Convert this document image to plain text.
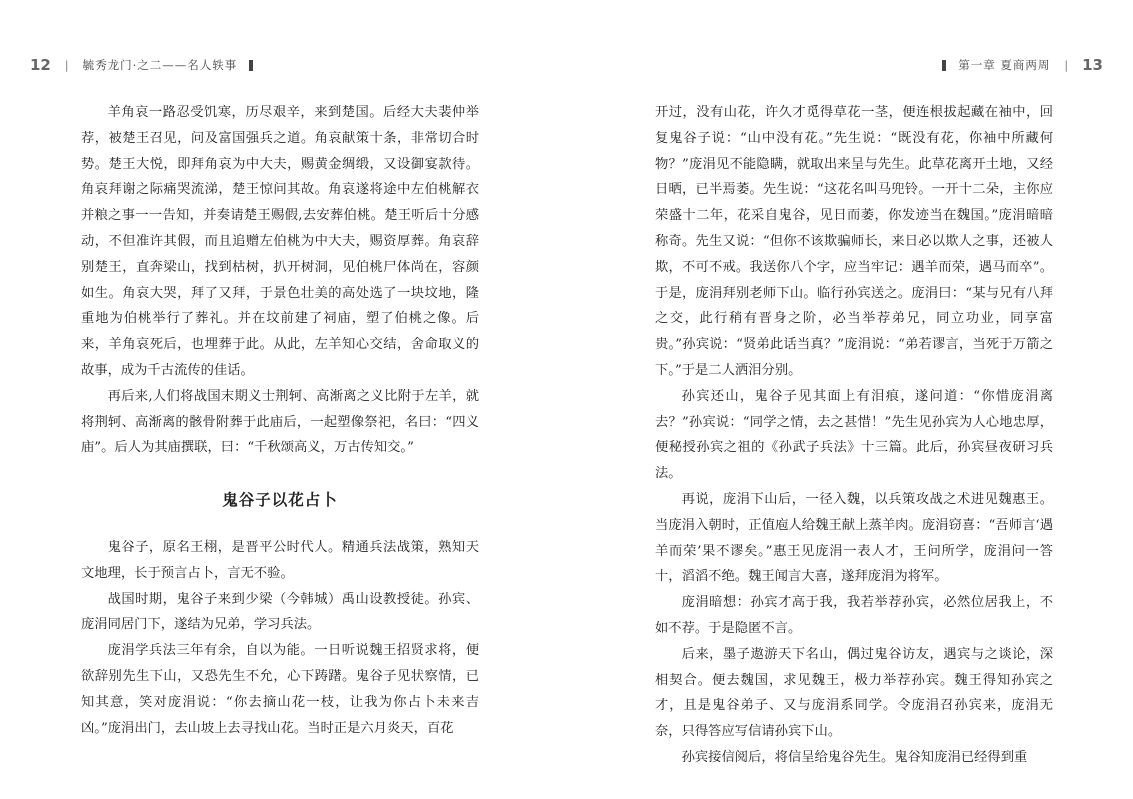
12 | 毓秀龙门·之二——名人轶事	第一章 夏商两周 | 13

羊角哀一路忍受饥寒，历尽艰辛，来到楚国。后经大夫裴仲举荐，被楚王召见，问及富国强兵之道。角哀献策十条，非常切合时势。楚王大悦，即拜角哀为中大夫，赐黄金绸缎，又设御宴款待。角哀拜谢之际痛哭流涕，楚王惊问其故。角哀遂将途中左伯桃解衣并粮之事一一告知，并奏请楚王赐假,去安葬伯桃。楚王听后十分感动，不但准许其假，而且追赠左伯桃为中大夫，赐资厚葬。角哀辞别楚王，直奔梁山，找到枯树，扒开树洞，见伯桃尸体尚在，容颜如生。角哀大哭，拜了又拜，于景色壮美的高处选了一块坟地，隆重地为伯桃举行了葬礼。并在坟前建了祠庙，塑了伯桃之像。后来，羊角哀死后，也埋葬于此。从此，左羊知心交结，舍命取义的故事，成为千古流传的佳话。

再后来,人们将战国末期义士荆轲、高渐离之义比附于左羊，就将荆轲、高渐离的骸骨附葬于此庙后，一起塑像祭祀，名曰：“四义庙”。后人为其庙撰联，曰：“千秋颂高义，万古传知交。”

鬼谷子以花占卜

鬼谷子，原名王栩，是晋平公时代人。精通兵法战策，熟知天文地理，长于预言占卜，言无不验。

战国时期，鬼谷子来到少梁（今韩城）禹山设教授徒。孙宾、庞涓同居门下，遂结为兄弟，学习兵法。

庞涓学兵法三年有余，自以为能。一日听说魏王招贤求将，便欲辞别先生下山，又恐先生不允，心下踌躇。鬼谷子见状察情，已知其意，笑对庞涓说：“你去摘山花一枝，让我为你占卜未来吉凶。”庞涓出门，去山坡上去寻找山花。当时正是六月炎天，百花

开过，没有山花，许久才觅得草花一茎，便连根拔起藏在袖中，回复鬼谷子说：“山中没有花。”先生说：“既没有花，你袖中所藏何物？”庞涓见不能隐瞒，就取出来呈与先生。此草花离开土地，又经日晒，已半焉萎。先生说：“这花名叫马兜铃。一开十二朵，主你应荣盛十二年，花采自鬼谷，见日而萎，你发迹当在魏国。”庞涓暗暗称奇。先生又说：“但你不该欺骗师长，来日必以欺人之事，还被人欺，不可不戒。我送你八个字，应当牢记：遇羊而荣，遇马而卒”。于是，庞涓拜别老师下山。临行孙宾送之。庞涓曰：“某与兄有八拜之交，此行稍有晋身之阶，必当举荐弟兄，同立功业，同享富贵。”孙宾说：“贤弟此话当真？”庞涓说：“弟若谬言，当死于万箭之下。”于是二人洒泪分别。

孙宾还山，鬼谷子见其面上有泪痕，遂问道：“你惜庞涓离去？”孙宾说：“同学之情，去之甚惜！”先生见孙宾为人心地忠厚，便秘授孙宾之祖的《孙武子兵法》十三篇。此后，孙宾昼夜研习兵法。

再说，庞涓下山后，一径入魏，以兵策攻战之术进见魏惠王。当庞涓入朝时，正值庖人给魏王献上蒸羊肉。庞涓窃喜：“吾师言‘遇羊而荣’果不谬矣。”惠王见庞涓一表人才，王问所学，庞涓问一答十，滔滔不绝。魏王闻言大喜，遂拜庞涓为将军。

庞涓暗想：孙宾才高于我，我若举荐孙宾，必然位居我上，不如不荐。于是隐匿不言。

后来，墨子遨游天下名山，偶过鬼谷访友，遇宾与之谈论，深相契合。便去魏国，求见魏王，极力举荐孙宾。魏王得知孙宾之才，且是鬼谷弟子、又与庞涓系同学。令庞涓召孙宾来，庞涓无奈，只得答应写信请孙宾下山。

孙宾接信阅后，将信呈给鬼谷先生。鬼谷知庞涓已经得到重
